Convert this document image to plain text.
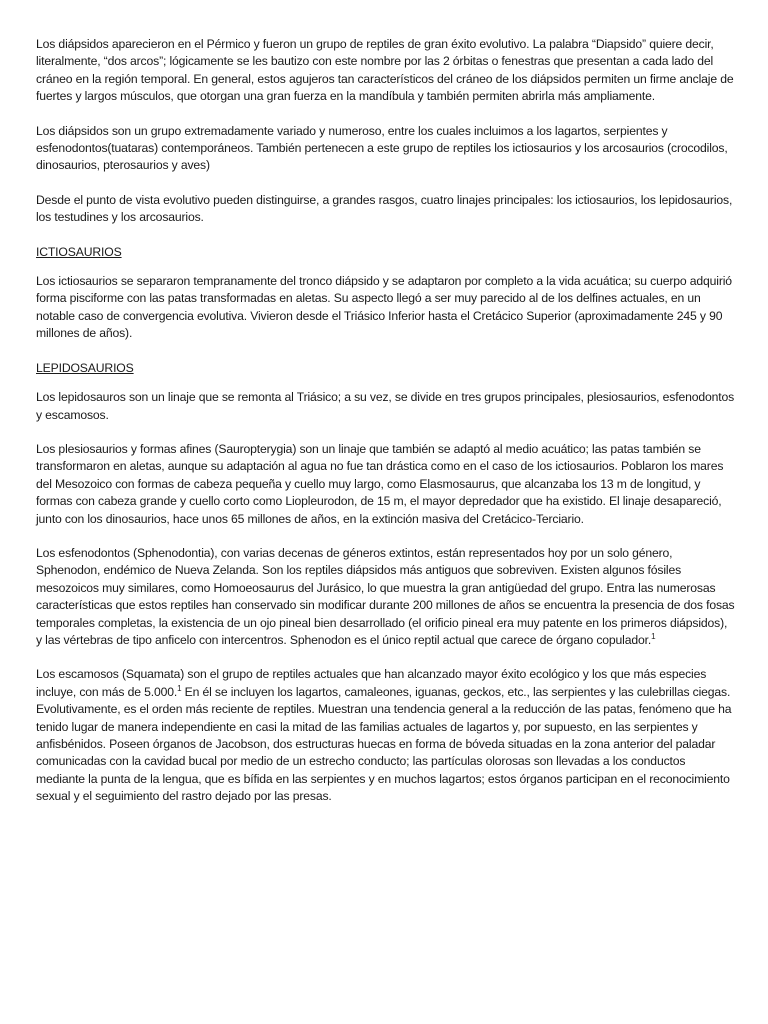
Los diápsidos aparecieron en el Pérmico y fueron un grupo de reptiles de gran éxito evolutivo. La palabra “Diapsido” quiere decir, literalmente, “dos arcos”; lógicamente se les bautizo con este nombre por las 2 órbitas o fenestras que presentan a cada lado del cráneo en la región temporal. En general, estos agujeros tan característicos del cráneo de los diápsidos permiten un firme anclaje de fuertes y largos músculos, que otorgan una gran fuerza en la mandíbula y también permiten abrirla más ampliamente.

Los diápsidos son un grupo extremadamente variado y numeroso, entre los cuales incluimos a los lagartos, serpientes y esfenodontos(tuataras) contemporáneos. También pertenecen a este grupo de reptiles los ictiosaurios y los arcosaurios (crocodilos, dinosaurios, pterosaurios y aves)

Desde el punto de vista evolutivo pueden distinguirse, a grandes rasgos, cuatro linajes principales: los ictiosaurios, los lepidosaurios, los testudines y los arcosaurios.

ICTIOSAURIOS

Los ictiosaurios se separaron tempranamente del tronco diápsido y se adaptaron por completo a la vida acuática; su cuerpo adquirió forma pisciforme con las patas transformadas en aletas. Su aspecto llegó a ser muy parecido al de los delfines actuales, en un notable caso de convergencia evolutiva. Vivieron desde el Triásico Inferior hasta el Cretácico Superior (aproximadamente 245 y 90 millones de años).

LEPIDOSAURIOS

Los lepidosauros son un linaje que se remonta al Triásico; a su vez, se divide en tres grupos principales, plesiosaurios, esfenodontos y escamosos.

Los plesiosaurios y formas afines (Sauropterygia) son un linaje que también se adaptó al medio acuático; las patas también se transformaron en aletas, aunque su adaptación al agua no fue tan drástica como en el caso de los ictiosaurios. Poblaron los mares del Mesozoico con formas de cabeza pequeña y cuello muy largo, como Elasmosaurus, que alcanzaba los 13 m de longitud, y formas con cabeza grande y cuello corto como Liopleurodon, de 15 m, el mayor depredador que ha existido. El linaje desapareció, junto con los dinosaurios, hace unos 65 millones de años, en la extinción masiva del Cretácico-Terciario.

Los esfenodontos (Sphenodontia), con varias decenas de géneros extintos, están representados hoy por un solo género, Sphenodon, endémico de Nueva Zelanda. Son los reptiles diápsidos más antiguos que sobreviven. Existen algunos fósiles mesozoicos muy similares, como Homoeosaurus del Jurásico, lo que muestra la gran antigüedad del grupo. Entra las numerosas características que estos reptiles han conservado sin modificar durante 200 millones de años se encuentra la presencia de dos fosas temporales completas, la existencia de un ojo pineal bien desarrollado (el orificio pineal era muy patente en los primeros diápsidos), y las vértebras de tipo anficelo con intercentros. Sphenodon es el único reptil actual que carece de órgano copulador.$^1$

Los escamosos (Squamata) son el grupo de reptiles actuales que han alcanzado mayor éxito ecológico y los que más especies incluye, con más de 5.000.$^1$ En él se incluyen los lagartos, camaleones, iguanas, geckos, etc., las serpientes y las culebrillas ciegas. Evolutivamente, es el orden más reciente de reptiles. Muestran una tendencia general a la reducción de las patas, fenómeno que ha tenido lugar de manera independiente en casi la mitad de las familias actuales de lagartos y, por supuesto, en las serpientes y anfisbénidos. Poseen órganos de Jacobson, dos estructuras huecas en forma de bóveda situadas en la zona anterior del paladar comunicadas con la cavidad bucal por medio de un estrecho conducto; las partículas olorosas son llevadas a los conductos mediante la punta de la lengua, que es bífida en las serpientes y en muchos lagartos; estos órganos participan en el reconocimiento sexual y el seguimiento del rastro dejado por las presas.
